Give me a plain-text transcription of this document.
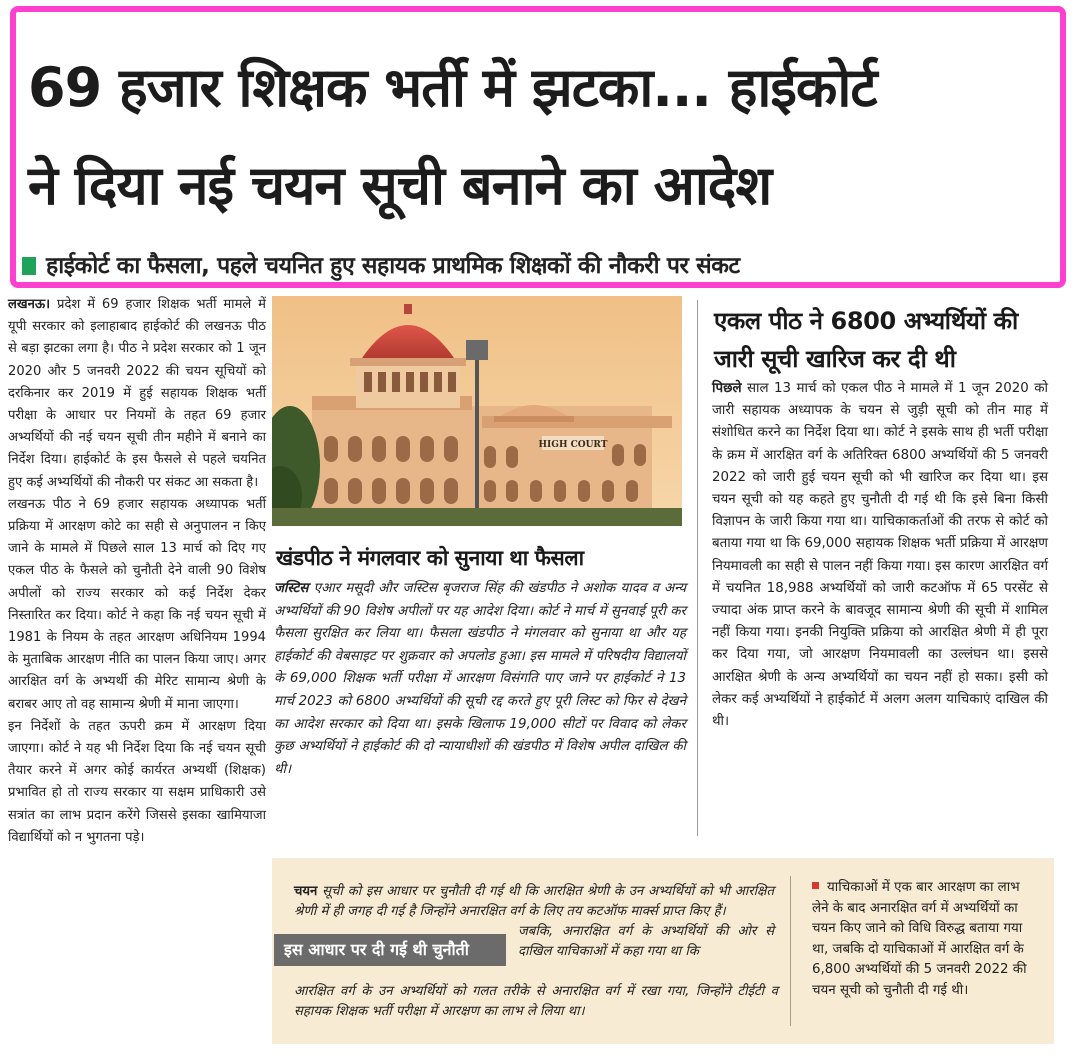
69 हजार शिक्षक भर्ती में झटका... हाईकोर्ट
ने दिया नई चयन सूची बनाने का आदेश
हाईकोर्ट का फैसला, पहले चयनित हुए सहायक प्राथमिक शिक्षकों की नौकरी पर संकट

लखनऊ। प्रदेश में 69 हजार शिक्षक भर्ती मामले में यूपी सरकार को इलाहाबाद हाईकोर्ट की लखनऊ पीठ से बड़ा झटका लगा है। पीठ ने प्रदेश सरकार को 1 जून 2020 और 5 जनवरी 2022 की चयन सूचियों को दरकिनार कर 2019 में हुई सहायक शिक्षक भर्ती परीक्षा के आधार पर नियमों के तहत 69 हजार अभ्यर्थियों की नई चयन सूची तीन महीने में बनाने का निर्देश दिया। हाईकोर्ट के इस फैसले से पहले चयनित हुए कई अभ्यर्थियों की नौकरी पर संकट आ सकता है।

लखनऊ पीठ ने 69 हजार सहायक अध्यापक भर्ती प्रक्रिया में आरक्षण कोटे का सही से अनुपालन न किए जाने के मामले में पिछले साल 13 मार्च को दिए गए एकल पीठ के फैसले को चुनौती देने वाली 90 विशेष अपीलों को राज्य सरकार को कई निर्देश देकर निस्तारित कर दिया। कोर्ट ने कहा कि नई चयन सूची में 1981 के नियम के तहत आरक्षण अधिनियम 1994 के मुताबिक आरक्षण नीति का पालन किया जाए। अगर आरक्षित वर्ग के अभ्यर्थी की मेरिट सामान्य श्रेणी के बराबर आए तो वह सामान्य श्रेणी में माना जाएगा।

इन निर्देशों के तहत ऊपरी क्रम में आरक्षण दिया जाएगा। कोर्ट ने यह भी निर्देश दिया कि नई चयन सूची तैयार करने में अगर कोई कार्यरत अभ्यर्थी (शिक्षक) प्रभावित हो तो राज्य सरकार या सक्षम प्राधिकारी उसे सत्रांत का लाभ प्रदान करेंगे जिससे इसका खामियाजा विद्यार्थियों को न भुगतना पड़े।

HIGH COURT
खंडपीठ ने मंगलवार को सुनाया था फैसला
जस्टिस एआर मसूदी और जस्टिस बृजराज सिंह की खंडपीठ ने अशोक यादव व अन्य अभ्यर्थियों की 90 विशेष अपीलों पर यह आदेश दिया। कोर्ट ने मार्च में सुनवाई पूरी कर फैसला सुरक्षित कर लिया था। फैसला खंडपीठ ने मंगलवार को सुनाया था और यह हाईकोर्ट की वेबसाइट पर शुक्रवार को अपलोड हुआ। इस मामले में परिषदीय विद्यालयों के 69,000 शिक्षक भर्ती परीक्षा में आरक्षण विसंगति पाए जाने पर हाईकोर्ट ने 13 मार्च 2023 को 6800 अभ्यर्थियों की सूची रद्द करते हुए पूरी लिस्ट को फिर से देखने का आदेश सरकार को दिया था। इसके खिलाफ 19,000 सीटों पर विवाद को लेकर कुछ अभ्यर्थियों ने हाईकोर्ट की दो न्यायाधीशों की खंडपीठ में विशेष अपील दाखिल की थी।
एकल पीठ ने 6800 अभ्यर्थियों की जारी सूची खारिज कर दी थी
पिछले साल 13 मार्च को एकल पीठ ने मामले में 1 जून 2020 को जारी सहायक अध्यापक के चयन से जुड़ी सूची को तीन माह में संशोधित करने का निर्देश दिया था। कोर्ट ने इसके साथ ही भर्ती परीक्षा के क्रम में आरक्षित वर्ग के अतिरिक्त 6800 अभ्यर्थियों की 5 जनवरी 2022 को जारी हुई चयन सूची को भी खारिज कर दिया था। इस चयन सूची को यह कहते हुए चुनौती दी गई थी कि इसे बिना किसी विज्ञापन के जारी किया गया था। याचिकाकर्ताओं की तरफ से कोर्ट को बताया गया था कि 69,000 सहायक शिक्षक भर्ती प्रक्रिया में आरक्षण नियमावली का सही से पालन नहीं किया गया। इस कारण आरक्षित वर्ग में चयनित 18,988 अभ्यर्थियों को जारी कटऑफ में 65 परसेंट से ज्यादा अंक प्राप्त करने के बावजूद सामान्य श्रेणी की सूची में शामिल नहीं किया गया। इनकी नियुक्ति प्रक्रिया को आरक्षित श्रेणी में ही पूरा कर दिया गया, जो आरक्षण नियमावली का उल्लंघन था। इससे आरक्षित श्रेणी के अन्य अभ्यर्थियों का चयन नहीं हो सका। इसी को लेकर कई अभ्यर्थियों ने हाईकोर्ट में अलग अलग याचिकाएं दाखिल की थी।
चयन सूची को इस आधार पर चुनौती दी गई थी कि आरक्षित श्रेणी के उन अभ्यर्थियों को भी आरक्षित श्रेणी में ही जगह दी गई है जिन्होंने अनारक्षित वर्ग के लिए तय कटऑफ मार्क्स प्राप्त किए हैं।
इस आधार पर दी गई थी चुनौती
जबकि, अनारक्षित वर्ग के अभ्यर्थियों की ओर से दाखिल याचिकाओं में कहा गया था कि
आरक्षित वर्ग के उन अभ्यर्थियों को गलत तरीके से अनारक्षित वर्ग में रखा गया, जिन्होंने टीईटी व सहायक शिक्षक भर्ती परीक्षा में आरक्षण का लाभ ले लिया था।
याचिकाओं में एक बार आरक्षण का लाभ लेने के बाद अनारक्षित वर्ग में अभ्यर्थियों का चयन किए जाने को विधि विरुद्ध बताया गया था, जबकि दो याचिकाओं में आरक्षित वर्ग के 6,800 अभ्यर्थियों की 5 जनवरी 2022 की चयन सूची को चुनौती दी गई थी।
